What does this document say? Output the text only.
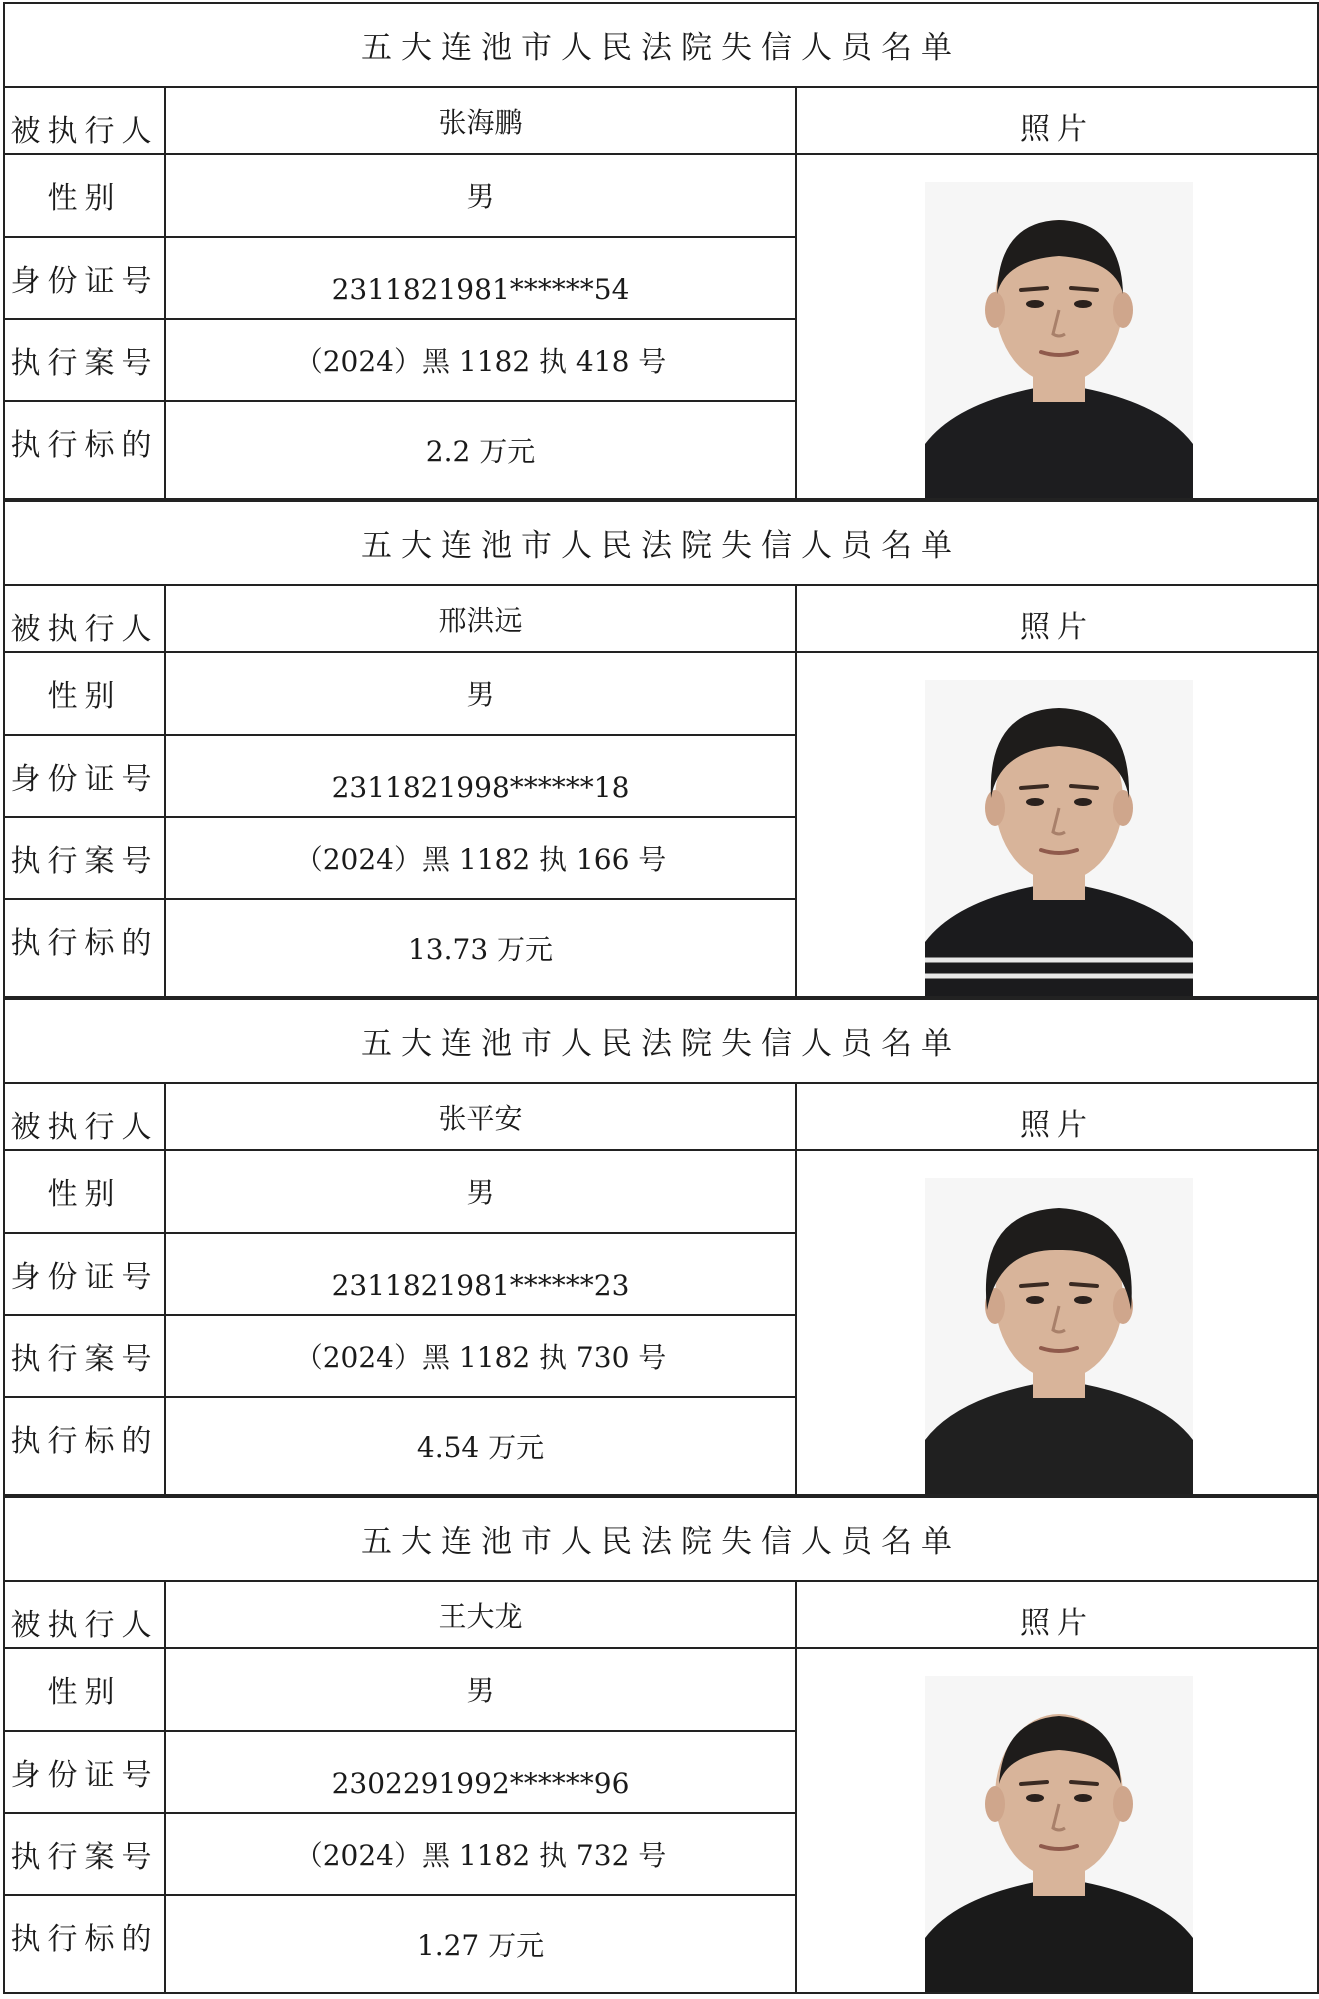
五大连池市人民法院失信人员名单		
被执行人	张海鹏	照片
性别	男	

身份证号	2311821981******54	
执行案号	（2024）黑 1182 执 418 号	
执行标的	2.2 万元	
五大连池市人民法院失信人员名单		
被执行人	邢洪远	照片
性别	男	

身份证号	2311821998******18	
执行案号	（2024）黑 1182 执 166 号	
执行标的	13.73 万元	
五大连池市人民法院失信人员名单		
被执行人	张平安	照片
性别	男	

身份证号	2311821981******23	
执行案号	（2024）黑 1182 执 730 号	
执行标的	4.54 万元	
五大连池市人民法院失信人员名单		
被执行人	王大龙	照片
性别	男	

身份证号	2302291992******96	
执行案号	（2024）黑 1182 执 732 号	
执行标的	1.27 万元	
